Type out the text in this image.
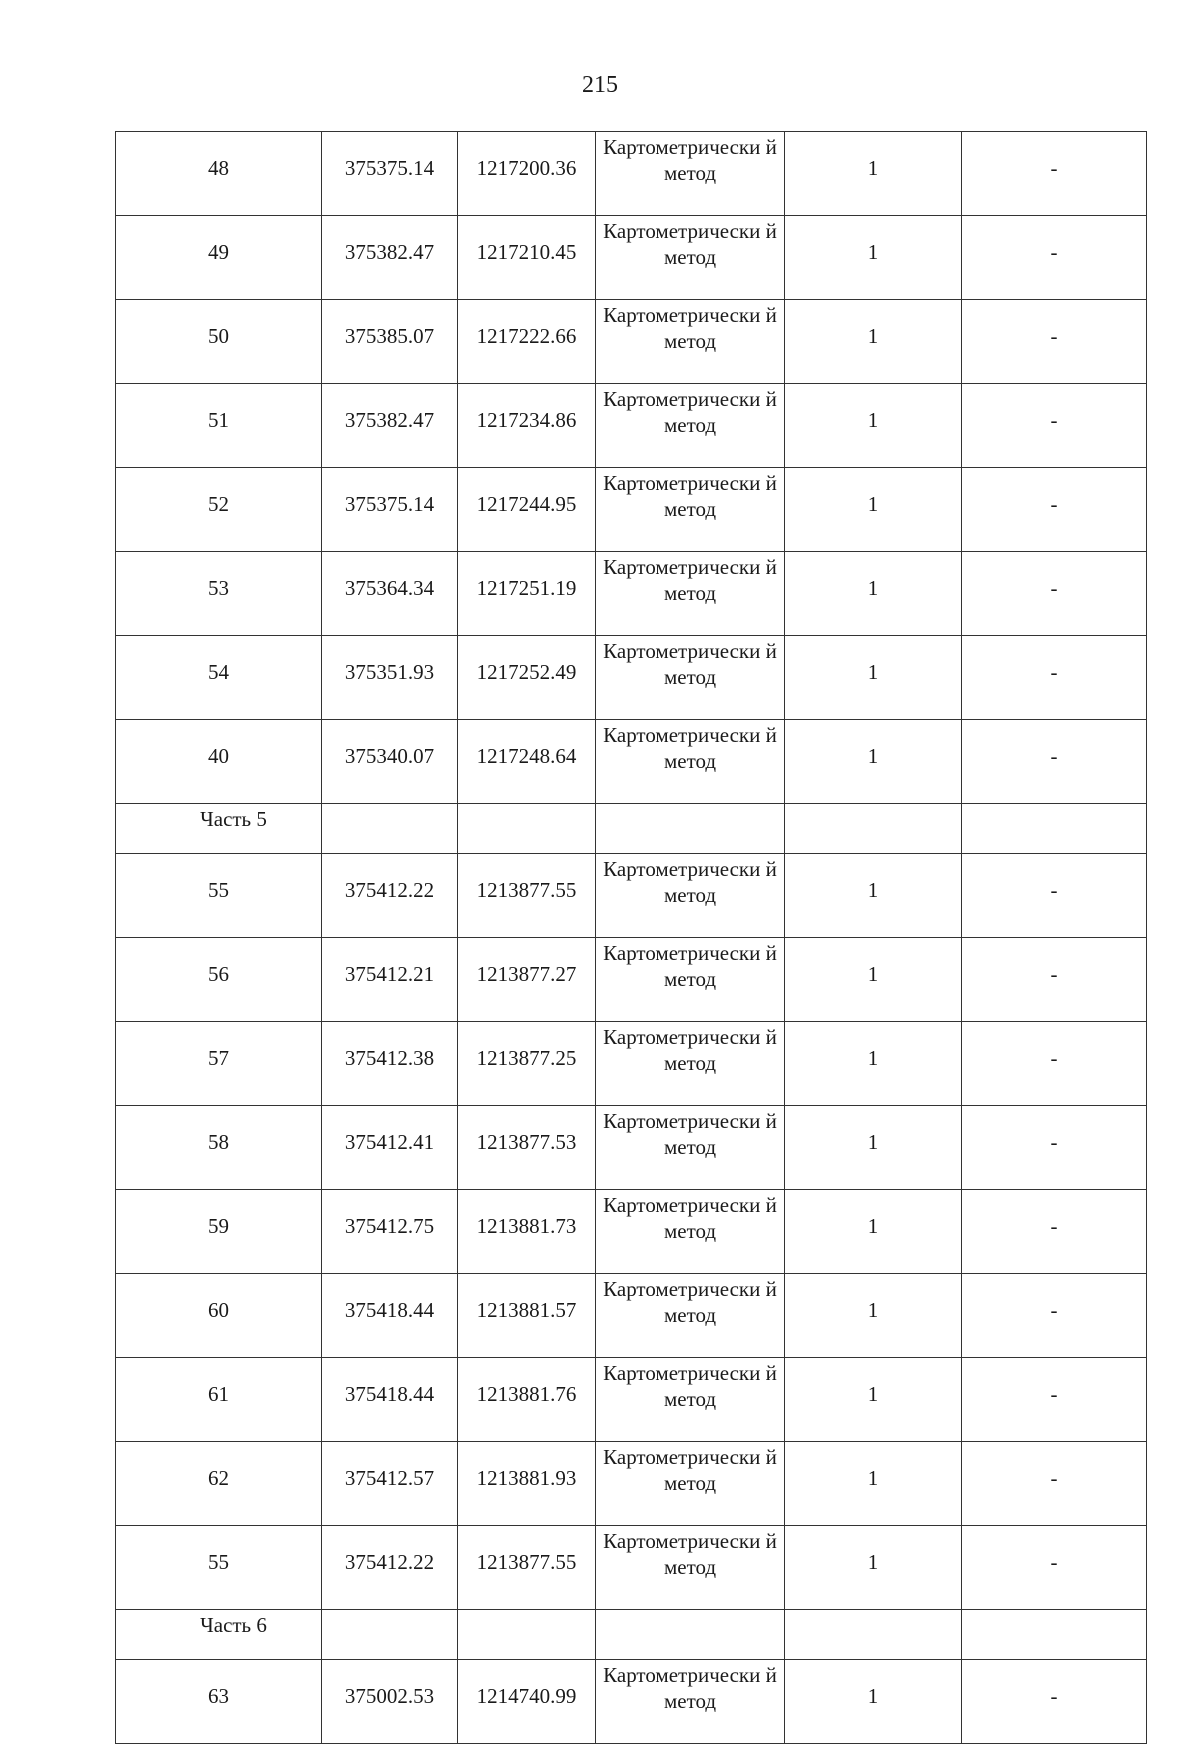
215
48	375375.14	1217200.36	Картометрически й метод	1	-
49	375382.47	1217210.45	Картометрически й метод	1	-
50	375385.07	1217222.66	Картометрически й метод	1	-
51	375382.47	1217234.86	Картометрически й метод	1	-
52	375375.14	1217244.95	Картометрически й метод	1	-
53	375364.34	1217251.19	Картометрически й метод	1	-
54	375351.93	1217252.49	Картометрически й метод	1	-
40	375340.07	1217248.64	Картометрически й метод	1	-
Часть 5					
55	375412.22	1213877.55	Картометрически й метод	1	-
56	375412.21	1213877.27	Картометрически й метод	1	-
57	375412.38	1213877.25	Картометрически й метод	1	-
58	375412.41	1213877.53	Картометрически й метод	1	-
59	375412.75	1213881.73	Картометрически й метод	1	-
60	375418.44	1213881.57	Картометрически й метод	1	-
61	375418.44	1213881.76	Картометрически й метод	1	-
62	375412.57	1213881.93	Картометрически й метод	1	-
55	375412.22	1213877.55	Картометрически й метод	1	-
Часть 6					
63	375002.53	1214740.99	Картометрически й метод	1	-
